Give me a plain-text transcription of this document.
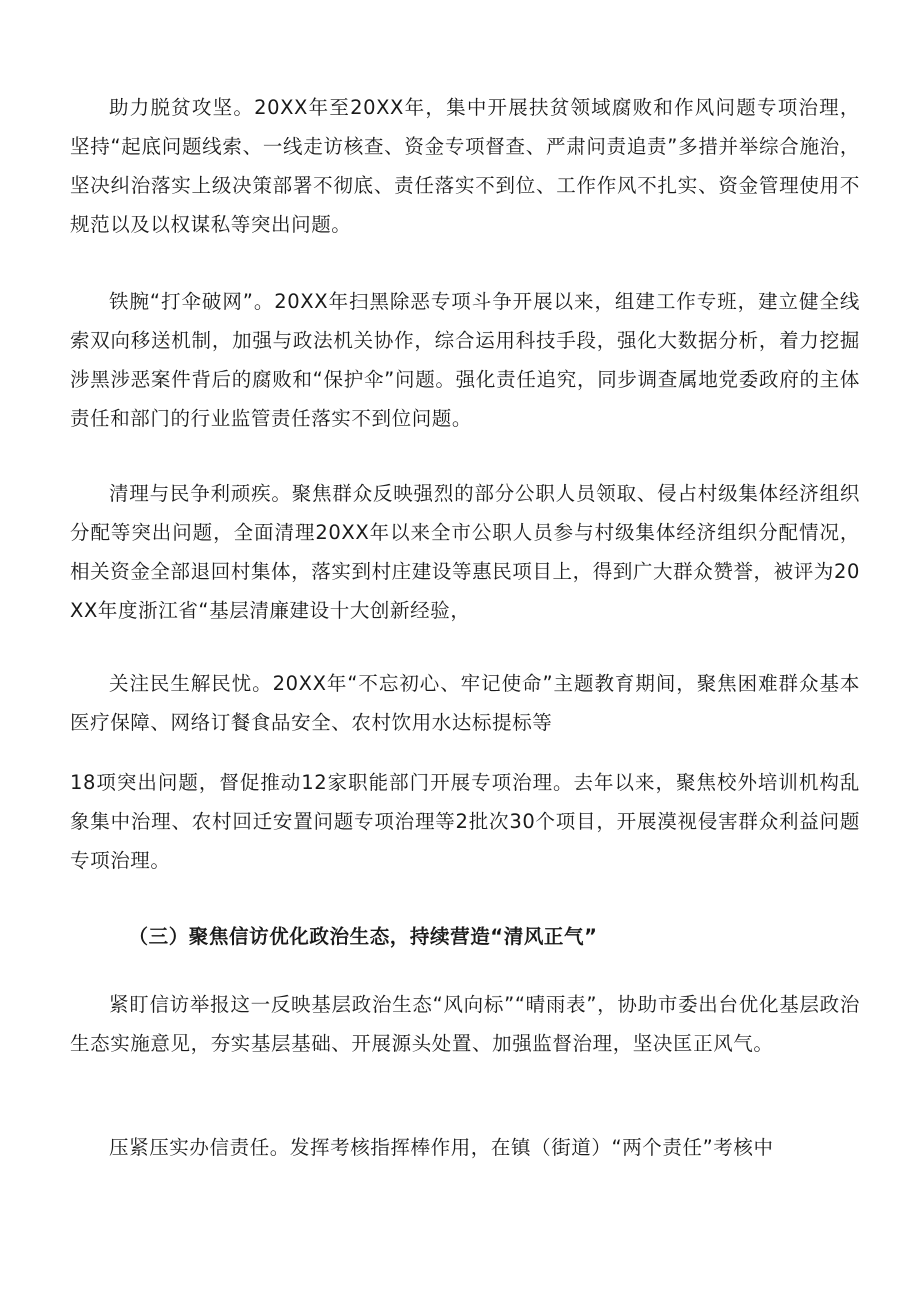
助力脱贫攻坚。20XX年至20XX年，集中开展扶贫领域腐败和作风问题专项治理，坚持“起底问题线索、一线走访核查、资金专项督查、严肃问责追责”多措并举综合施治，坚决纠治落实上级决策部署不彻底、责任落实不到位、工作作风不扎实、资金管理使用不规范以及以权谋私等突出问题。

铁腕“打伞破网”。20XX年扫黑除恶专项斗争开展以来，组建工作专班，建立健全线索双向移送机制，加强与政法机关协作，综合运用科技手段，强化大数据分析，着力挖掘涉黑涉恶案件背后的腐败和“保护伞”问题。强化责任追究，同步调查属地党委政府的主体责任和部门的行业监管责任落实不到位问题。

清理与民争利顽疾。聚焦群众反映强烈的部分公职人员领取、侵占村级集体经济组织分配等突出问题，全面清理20XX年以来全市公职人员参与村级集体经济组织分配情况，相关资金全部退回村集体，落实到村庄建设等惠民项目上，得到广大群众赞誉，被评为20XX年度浙江省“基层清廉建设十大创新经验，

关注民生解民忧。20XX年“不忘初心、牢记使命”主题教育期间，聚焦困难群众基本医疗保障、网络订餐食品安全、农村饮用水达标提标等

18项突出问题，督促推动12家职能部门开展专项治理。去年以来，聚焦校外培训机构乱象集中治理、农村回迁安置问题专项治理等2批次30个项目，开展漠视侵害群众利益问题专项治理。

（三）聚焦信访优化政治生态，持续营造“清风正气”

紧盯信访举报这一反映基层政治生态“风向标”“晴雨表”，协助市委出台优化基层政治生态实施意见，夯实基层基础、开展源头处置、加强监督治理，坚决匡正风气。

压紧压实办信责任。发挥考核指挥棒作用，在镇（街道）“两个责任”考核中
